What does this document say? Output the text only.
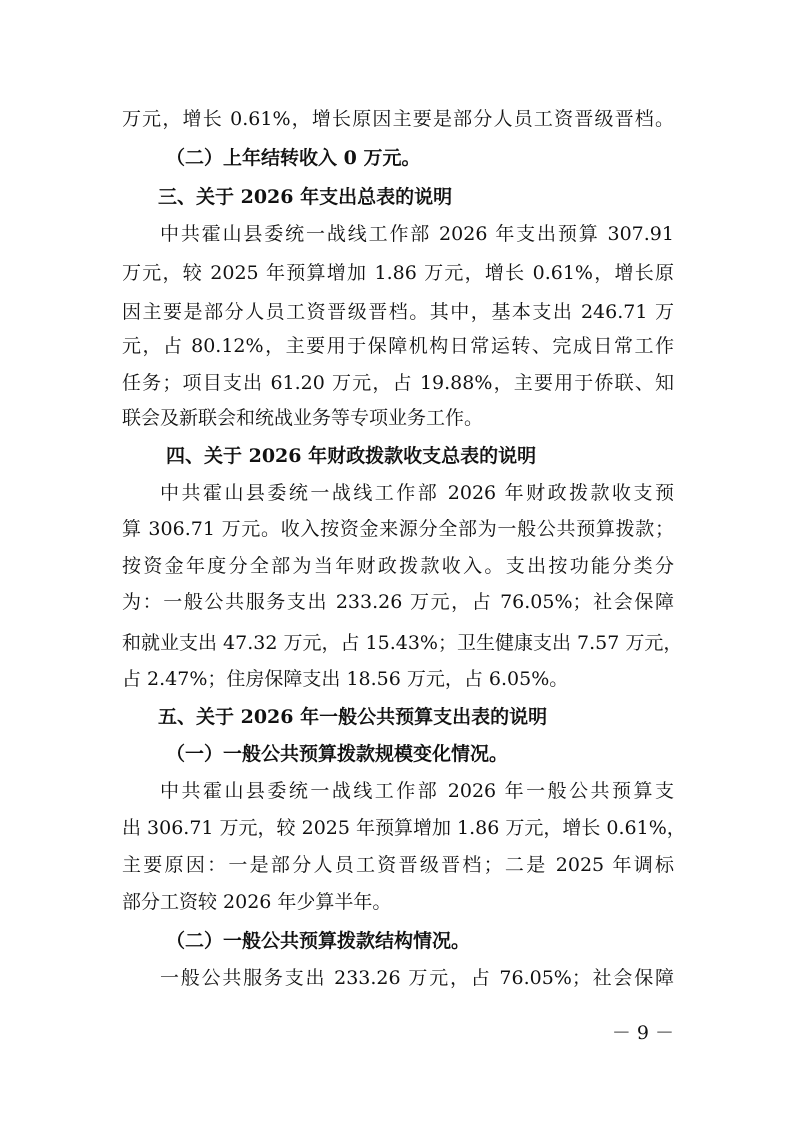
万元，增长 0.61%，增长原因主要是部分人员工资晋级晋档。
（二）上年结转收入 0 万元。
三、关于 2026 年支出总表的说明
中共霍山县委统一战线工作部 2026 年支出预算 307.91
万元，较 2025 年预算增加 1.86 万元，增长 0.61%，增长原
因主要是部分人员工资晋级晋档。其中，基本支出 246.71 万
元，占 80.12%，主要用于保障机构日常运转、完成日常工作
任务；项目支出 61.20 万元，占 19.88%，主要用于侨联、知
联会及新联会和统战业务等专项业务工作。
四、关于 2026 年财政拨款收支总表的说明
中共霍山县委统一战线工作部 2026 年财政拨款收支预
算 306.71 万元。收入按资金来源分全部为一般公共预算拨款；
按资金年度分全部为当年财政拨款收入。支出按功能分类分
为：一般公共服务支出 233.26 万元，占 76.05%；社会保障
和就业支出 47.32 万元，占 15.43%；卫生健康支出 7.57 万元，
占 2.47%；住房保障支出 18.56 万元，占 6.05%。
五、关于 2026 年一般公共预算支出表的说明
（一）一般公共预算拨款规模变化情况。
中共霍山县委统一战线工作部 2026 年一般公共预算支
出 306.71 万元，较 2025 年预算增加 1.86 万元，增长 0.61%，
主要原因：一是部分人员工资晋级晋档；二是 2025 年调标
部分工资较 2026 年少算半年。
（二）一般公共预算拨款结构情况。
一般公共服务支出 233.26 万元，占 76.05%；社会保障
－ 9 －
